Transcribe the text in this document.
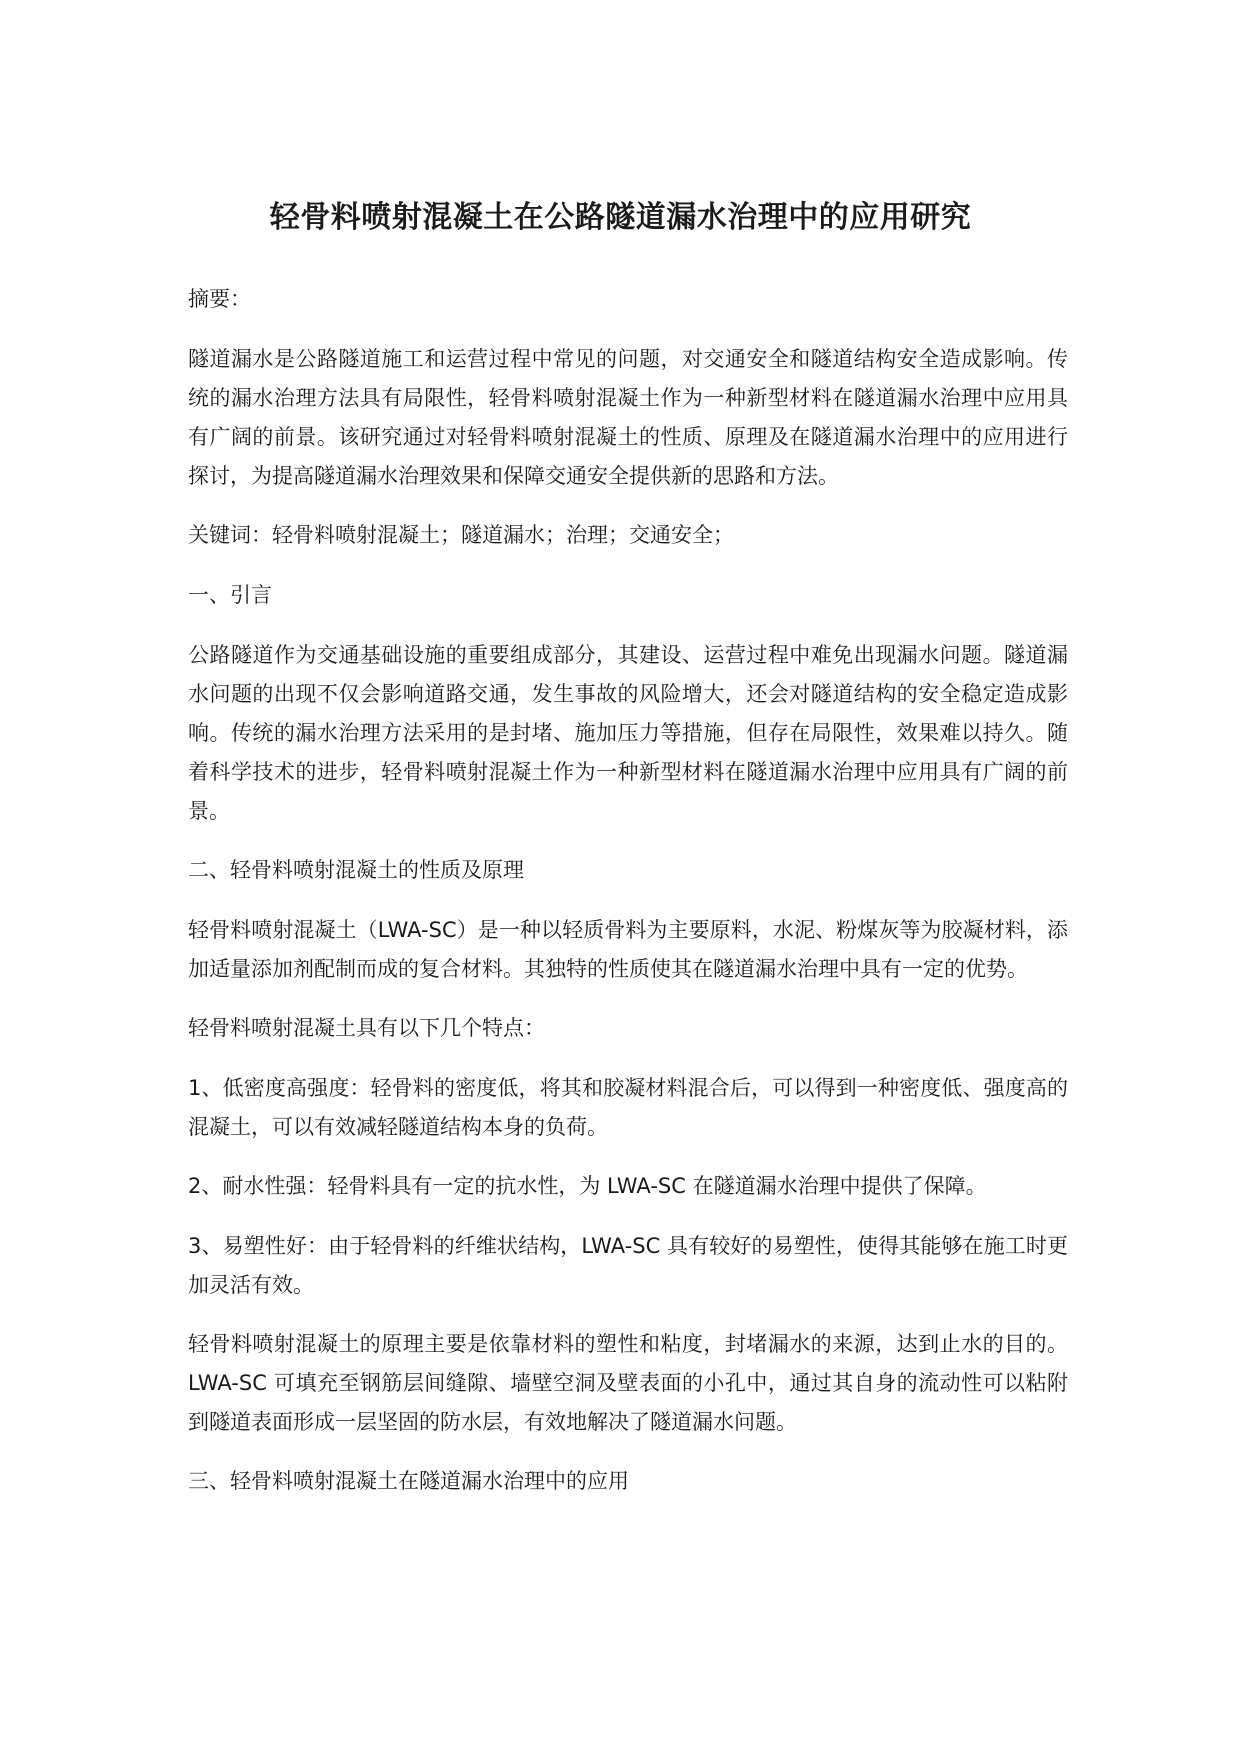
轻骨料喷射混凝土在公路隧道漏水治理中的应用研究

摘要：

隧道漏水是公路隧道施工和运营过程中常见的问题，对交通安全和隧道结构安全造成影响。传统的漏水治理方法具有局限性，轻骨料喷射混凝土作为一种新型材料在隧道漏水治理中应用具有广阔的前景。该研究通过对轻骨料喷射混凝土的性质、原理及在隧道漏水治理中的应用进行探讨，为提高隧道漏水治理效果和保障交通安全提供新的思路和方法。

关键词：轻骨料喷射混凝土；隧道漏水；治理；交通安全；

一、引言

公路隧道作为交通基础设施的重要组成部分，其建设、运营过程中难免出现漏水问题。隧道漏水问题的出现不仅会影响道路交通，发生事故的风险增大，还会对隧道结构的安全稳定造成影响。传统的漏水治理方法采用的是封堵、施加压力等措施，但存在局限性，效果难以持久。随着科学技术的进步，轻骨料喷射混凝土作为一种新型材料在隧道漏水治理中应用具有广阔的前景。

二、轻骨料喷射混凝土的性质及原理

轻骨料喷射混凝土（LWA-SC）是一种以轻质骨料为主要原料，水泥、粉煤灰等为胶凝材料，添加适量添加剂配制而成的复合材料。其独特的性质使其在隧道漏水治理中具有一定的优势。

轻骨料喷射混凝土具有以下几个特点：

1、低密度高强度：轻骨料的密度低，将其和胶凝材料混合后，可以得到一种密度低、强度高的混凝土，可以有效减轻隧道结构本身的负荷。

2、耐水性强：轻骨料具有一定的抗水性，为 LWA-SC 在隧道漏水治理中提供了保障。

3、易塑性好：由于轻骨料的纤维状结构，LWA-SC 具有较好的易塑性，使得其能够在施工时更加灵活有效。

轻骨料喷射混凝土的原理主要是依靠材料的塑性和粘度，封堵漏水的来源，达到止水的目的。LWA-SC 可填充至钢筋层间缝隙、墙壁空洞及壁表面的小孔中，通过其自身的流动性可以粘附到隧道表面形成一层坚固的防水层，有效地解决了隧道漏水问题。

三、轻骨料喷射混凝土在隧道漏水治理中的应用
